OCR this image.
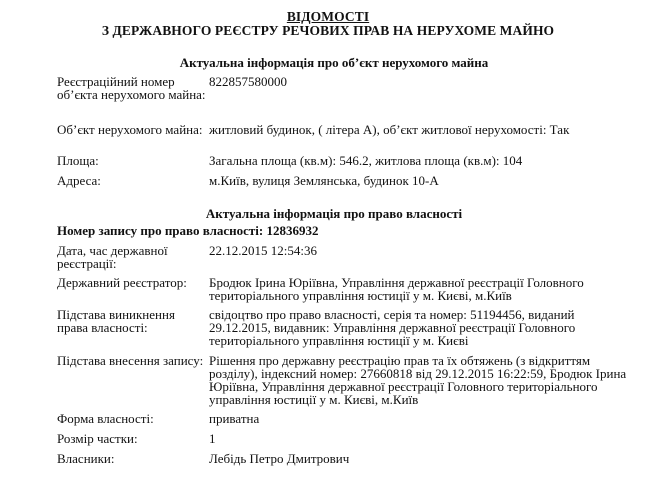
ВІДОМОСТІ
З ДЕРЖАВНОГО РЕЄСТРУ РЕЧОВИХ ПРАВ НА НЕРУХОМЕ МАЙНО
Актуальна інформація про об’єкт нерухомого майна
Реєстраційний номер об’єкта нерухомого майна:
822857580000
Об’єкт нерухомого майна: житловий будинок, ( літера А), об’єкт житлової нерухомості: Так
Площа:	Загальна площа (кв.м): 546.2, житлова площа (кв.м): 104
Адреса:	м.Київ, вулиця Землянська, будинок 10-А
Актуальна інформація про право власності
Номер запису про право власності: 12836932
Дата, час державної реєстрації:
22.12.2015 12:54:36
Державний реєстратор:	Бродюк Ірина Юріївна, Управління державної реєстрації Головного територіального управління юстиції у м. Києві, м.Київ
Підстава виникнення права власності:
свідоцтво про право власності, серія та номер: 51194456, виданий 29.12.2015, видавник: Управління державної реєстрації Головного територіального управління юстиції у м. Києві
Підстава внесення запису: Рішення про державну реєстрацію прав та їх обтяжень (з відкриттям розділу), індексний номер: 27660818 від 29.12.2015 16:22:59, Бродюк Ірина Юріївна, Управління державної реєстрації Головного територіального управління юстиції у м. Києві, м.Київ
Форма власності:	приватна
Розмір частки:	1
Власники:	Лебідь Петро Дмитрович
